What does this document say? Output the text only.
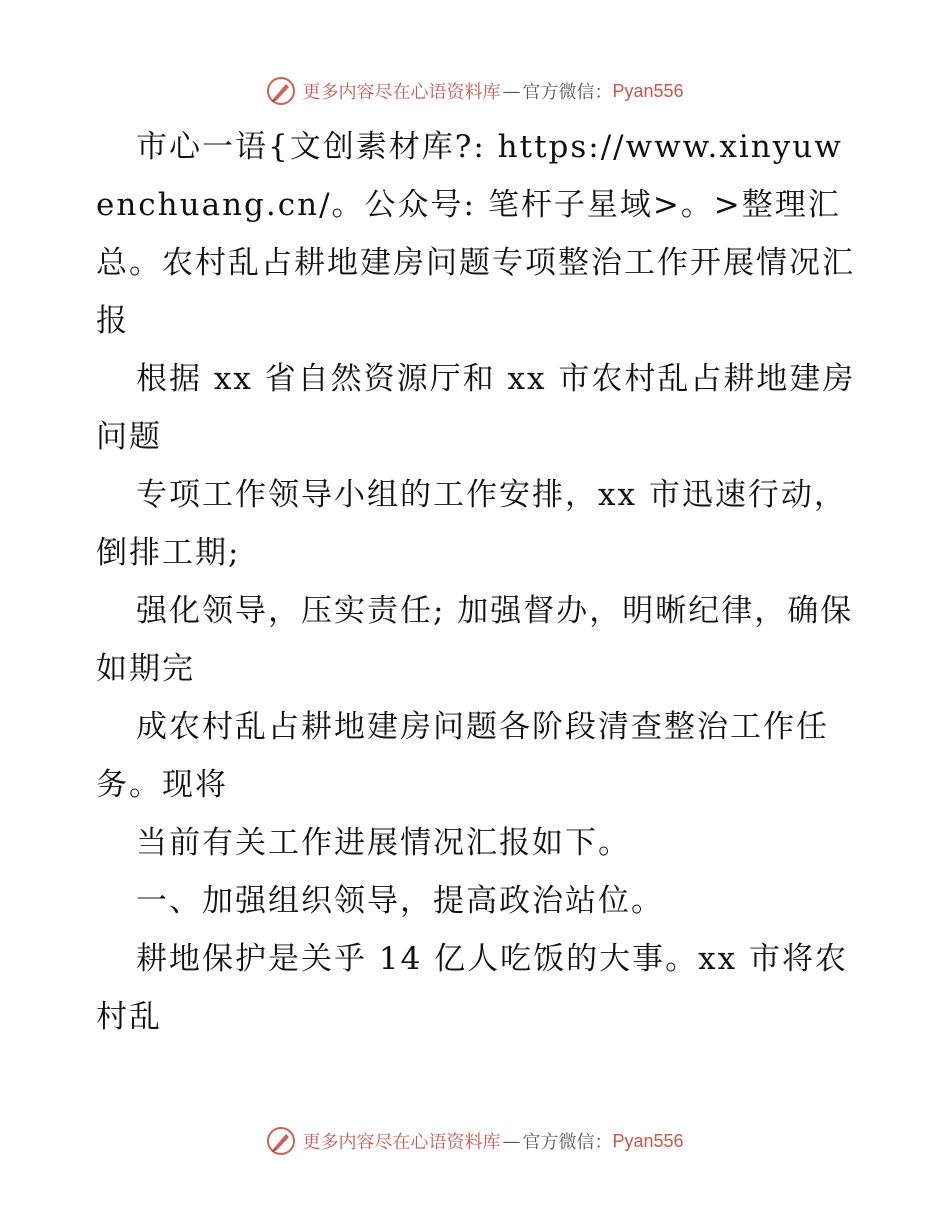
更多内容尽在心语资料库 — 官方微信： Pyan556

市心一语{文创素材库?: https://www.xinyuwenchuang.cn/。公众号: 笔杆子星域>。>整理汇总。农村乱占耕地建房问题专项整治工作开展情况汇报

根据 xx 省自然资源厅和 xx 市农村乱占耕地建房问题

专项工作领导小组的工作安排，xx 市迅速行动，倒排工期;

强化领导，压实责任; 加强督办，明晰纪律，确保如期完

成农村乱占耕地建房问题各阶段清查整治工作任务。现将

当前有关工作进展情况汇报如下。

一、加强组织领导，提高政治站位。

耕地保护是关乎 14 亿人吃饭的大事。xx 市将农村乱

更多内容尽在心语资料库 — 官方微信： Pyan556
